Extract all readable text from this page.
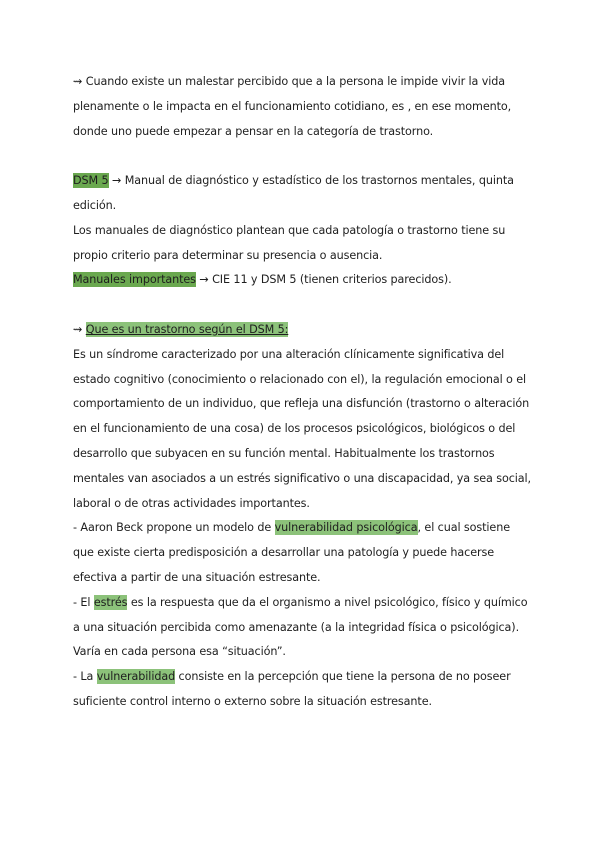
⇝ Cuando existe un malestar percibido que a la persona le impide vivir la vida plenamente o le impacta en el funcionamiento cotidiano, es , en ese momento, donde uno puede empezar a pensar en la categoría de trastorno.

DSM 5 → Manual de diagnóstico y estadístico de los trastornos mentales, quinta edición.

Los manuales de diagnóstico plantean que cada patología o trastorno tiene su propio criterio para determinar su presencia o ausencia.

Manuales importantes → CIE 11 y DSM 5 (tienen criterios parecidos).

⇝ Que es un trastorno según el DSM 5:

Es un síndrome caracterizado por una alteración clínicamente significativa del estado cognitivo (conocimiento o relacionado con el), la regulación emocional o el comportamiento de un individuo, que refleja una disfunción (trastorno o alteración en el funcionamiento de una cosa) de los procesos psicológicos, biológicos o del desarrollo que subyacen en su función mental. Habitualmente los trastornos mentales van asociados a un estrés significativo o una discapacidad, ya sea social, laboral o de otras actividades importantes.

- Aaron Beck propone un modelo de vulnerabilidad psicológica, el cual sostiene que existe cierta predisposición a desarrollar una patología y puede hacerse efectiva a partir de una situación estresante.

- El estrés es la respuesta que da el organismo a nivel psicológico, físico y químico a una situación percibida como amenazante (a la integridad física o psicológica). Varía en cada persona esa “situación”.

- La vulnerabilidad consiste en la percepción que tiene la persona de no poseer suficiente control interno o externo sobre la situación estresante.
